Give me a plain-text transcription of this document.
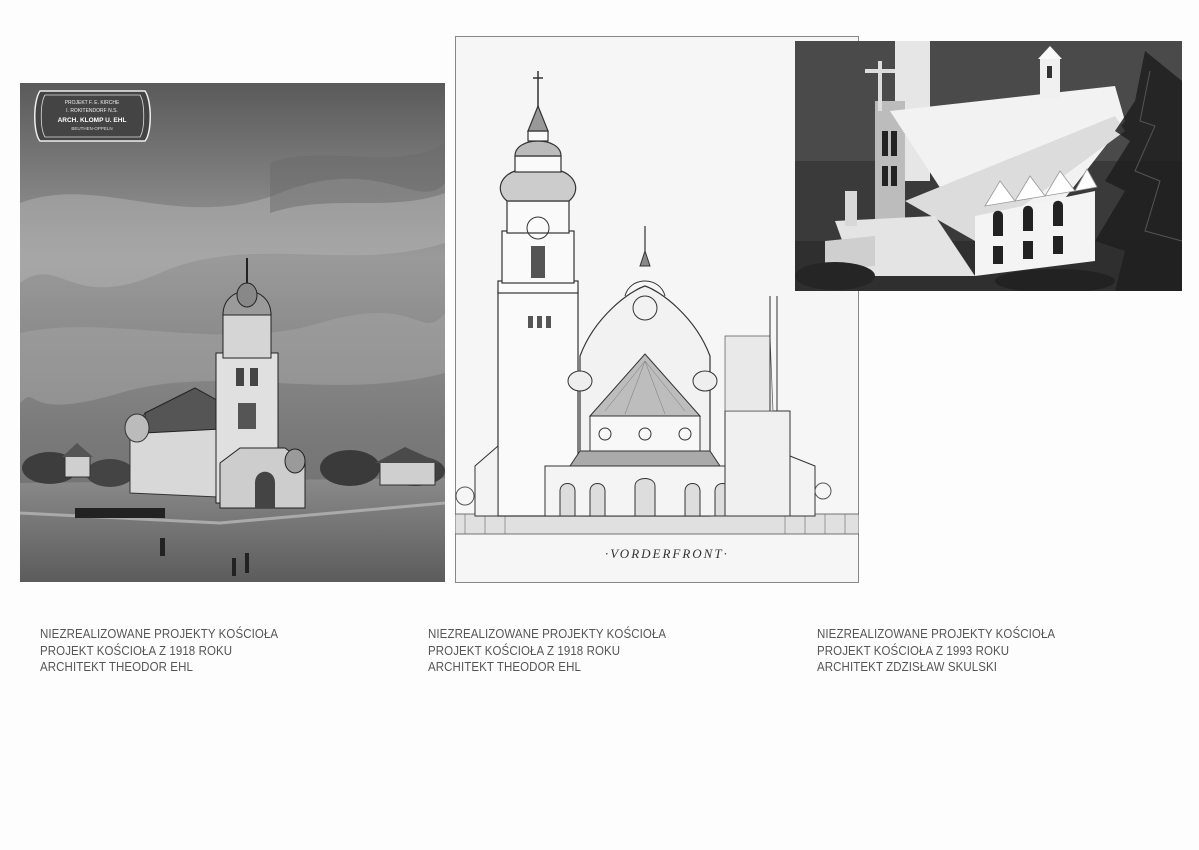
PROJEKT F. E. KIRCHE
I. ROKITENDORF N.S.
ARCH. KLOMP U. EHL
BEUTHEN-OPPELN
·VORDERFRONT·
NIEZREALIZOWANE PROJEKTY KOŚCIOŁA
PROJEKT KOŚCIOŁA Z 1918 ROKU
ARCHITEKT THEODOR EHL
NIEZREALIZOWANE PROJEKTY KOŚCIOŁA
PROJEKT KOŚCIOŁA Z 1918 ROKU
ARCHITEKT THEODOR EHL
NIEZREALIZOWANE PROJEKTY KOŚCIOŁA
PROJEKT KOŚCIOŁA Z 1993 ROKU
ARCHITEKT ZDZISŁAW SKULSKI
